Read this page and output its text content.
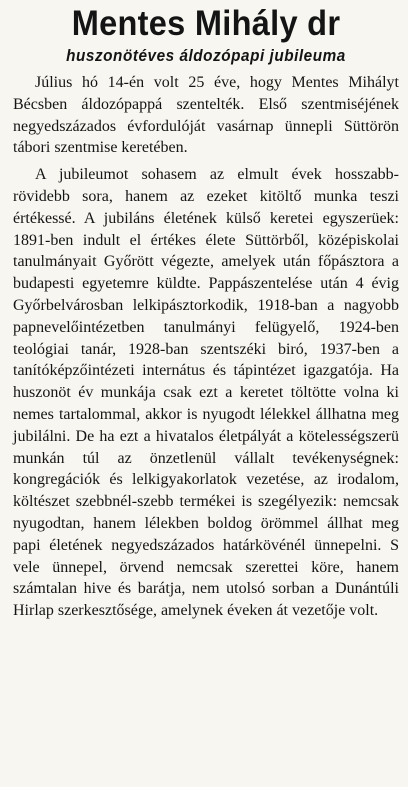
Mentes Mihály dr
huszonötéves áldozópapi jubileuma

Július hó 14-én volt 25 éve, hogy Mentes Mihályt Bécsben áldozópappá szentelték. Első szentmiséjének negyedszázados évfordulóját vasárnap ünnepli Süttörön tábori szentmise keretében.

A jubileumot sohasem az elmult évek hosszabb-rövidebb sora, hanem az ezeket kitöltő munka teszi értékessé. A jubiláns életének külső keretei egyszerüek: 1891-ben indult el értékes élete Süttörből, középiskolai tanulmányait Győrött végezte, amelyek után főpásztora a budapesti egyetemre küldte. Pappászentelése után 4 évig Győrbelvárosban lelkipásztorkodik, 1918-ban a nagyobb papnevelőintézetben tanulmányi felügyelő, 1924-ben teológiai tanár, 1928-ban szentszéki biró, 1937-ben a tanítóképzőintézeti internátus és tápintézet igazgatója. Ha huszonöt év munkája csak ezt a keretet töltötte volna ki nemes tartalommal, akkor is nyugodt lélekkel állhatna meg jubilálni. De ha ezt a hivatalos életpályát a kötelességszerü munkán túl az önzetlenül vállalt tevékenységnek: kongregációk és lelkigyakorlatok vezetése, az irodalom, költészet szebbnél-szebb termékei is szegélyezik: nemcsak nyugodtan, hanem lélekben boldog örömmel állhat meg papi életének negyedszázados határkövénél ünnepelni. S vele ünnepel, örvend nemcsak szerettei köre, hanem számtalan hive és barátja, nem utolsó sorban a Dunántúli Hirlap szerkesztősége, amelynek éveken át vezetője volt.
